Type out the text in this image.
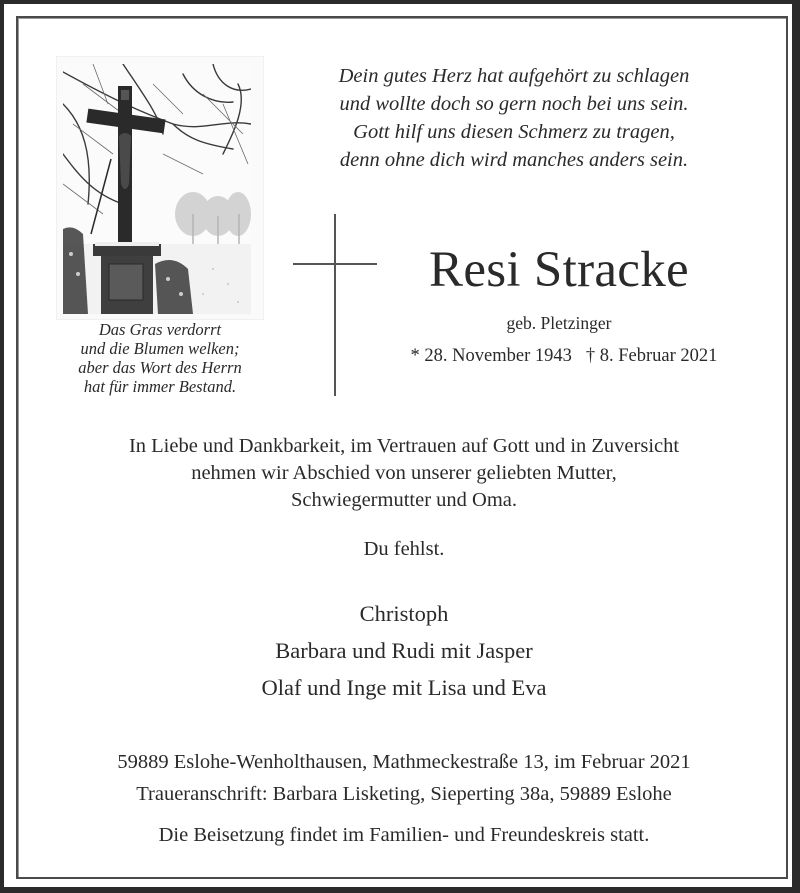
Das Gras verdorrt
und die Blumen welken;
aber das Wort des Herrn
hat für immer Bestand.
Dein gutes Herz hat aufgehört zu schlagen
und wollte doch so gern noch bei uns sein.
Gott hilf uns diesen Schmerz zu tragen,
denn ohne dich wird manches anders sein.
Resi Stracke
geb. Pletzinger
* 28. November 1943 † 8. Februar 2021
In Liebe und Dankbarkeit, im Vertrauen auf Gott und in Zuversicht
nehmen wir Abschied von unserer geliebten Mutter,
Schwiegermutter und Oma.
Du fehlst.
Christoph
Barbara und Rudi mit Jasper
Olaf und Inge mit Lisa und Eva
59889 Eslohe-Wenholthausen, Mathmeckestraße 13, im Februar 2021
Traueranschrift: Barbara Lisketing, Sieperting 38a, 59889 Eslohe
Die Beisetzung findet im Familien- und Freundeskreis statt.
